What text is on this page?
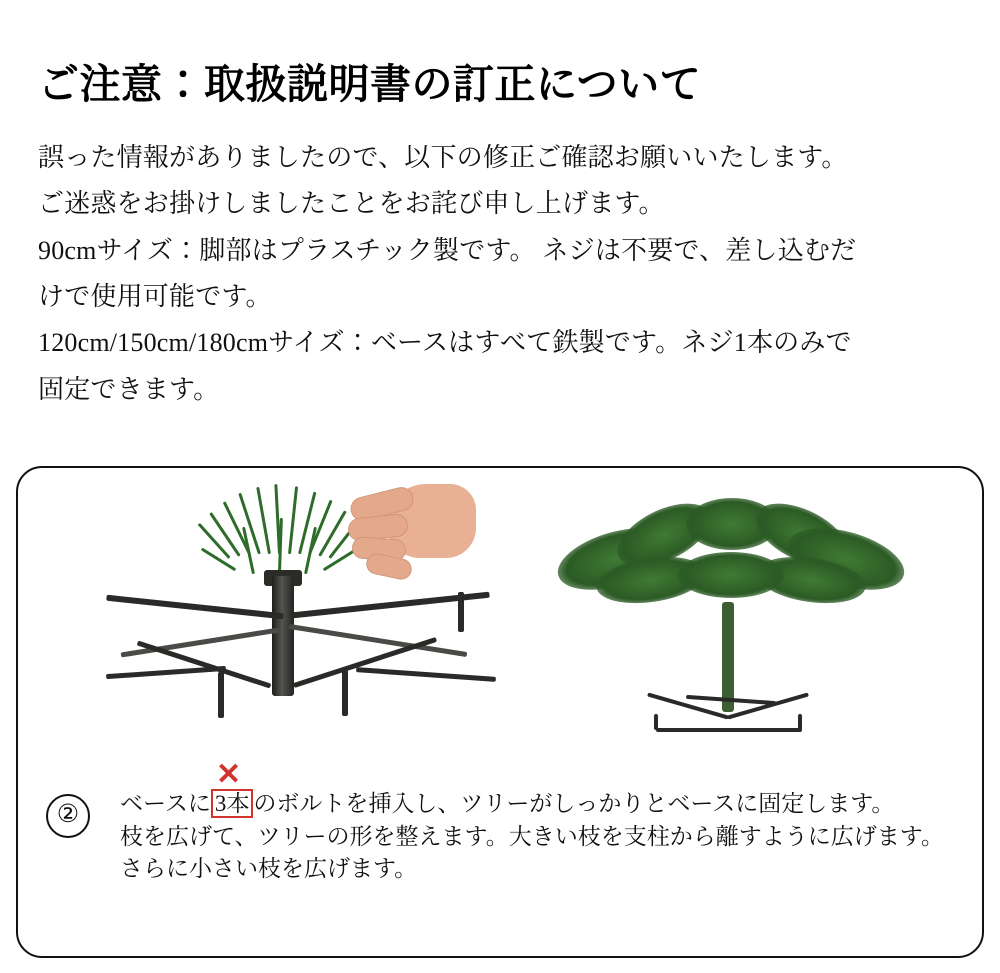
ご注意：取扱説明書の訂正について
誤った情報がありましたので、以下の修正ご確認お願いいたします。
ご迷惑をお掛けしましたことをお詫び申し上げます。
90cmサイズ：脚部はプラスチック製です。 ネジは不要で、差し込むだ
けで使用可能です。
120cm/150cm/180cmサイズ：ベースはすべて鉄製です。ネジ1本のみで
固定できます。
②
✕
ベースに 3本 のボルトを挿入し、ツリーがしっかりとベースに固定します。
枝を広げて、ツリーの形を整えます。大きい枝を支柱から離すように広げます。
さらに小さい枝を広げます。
